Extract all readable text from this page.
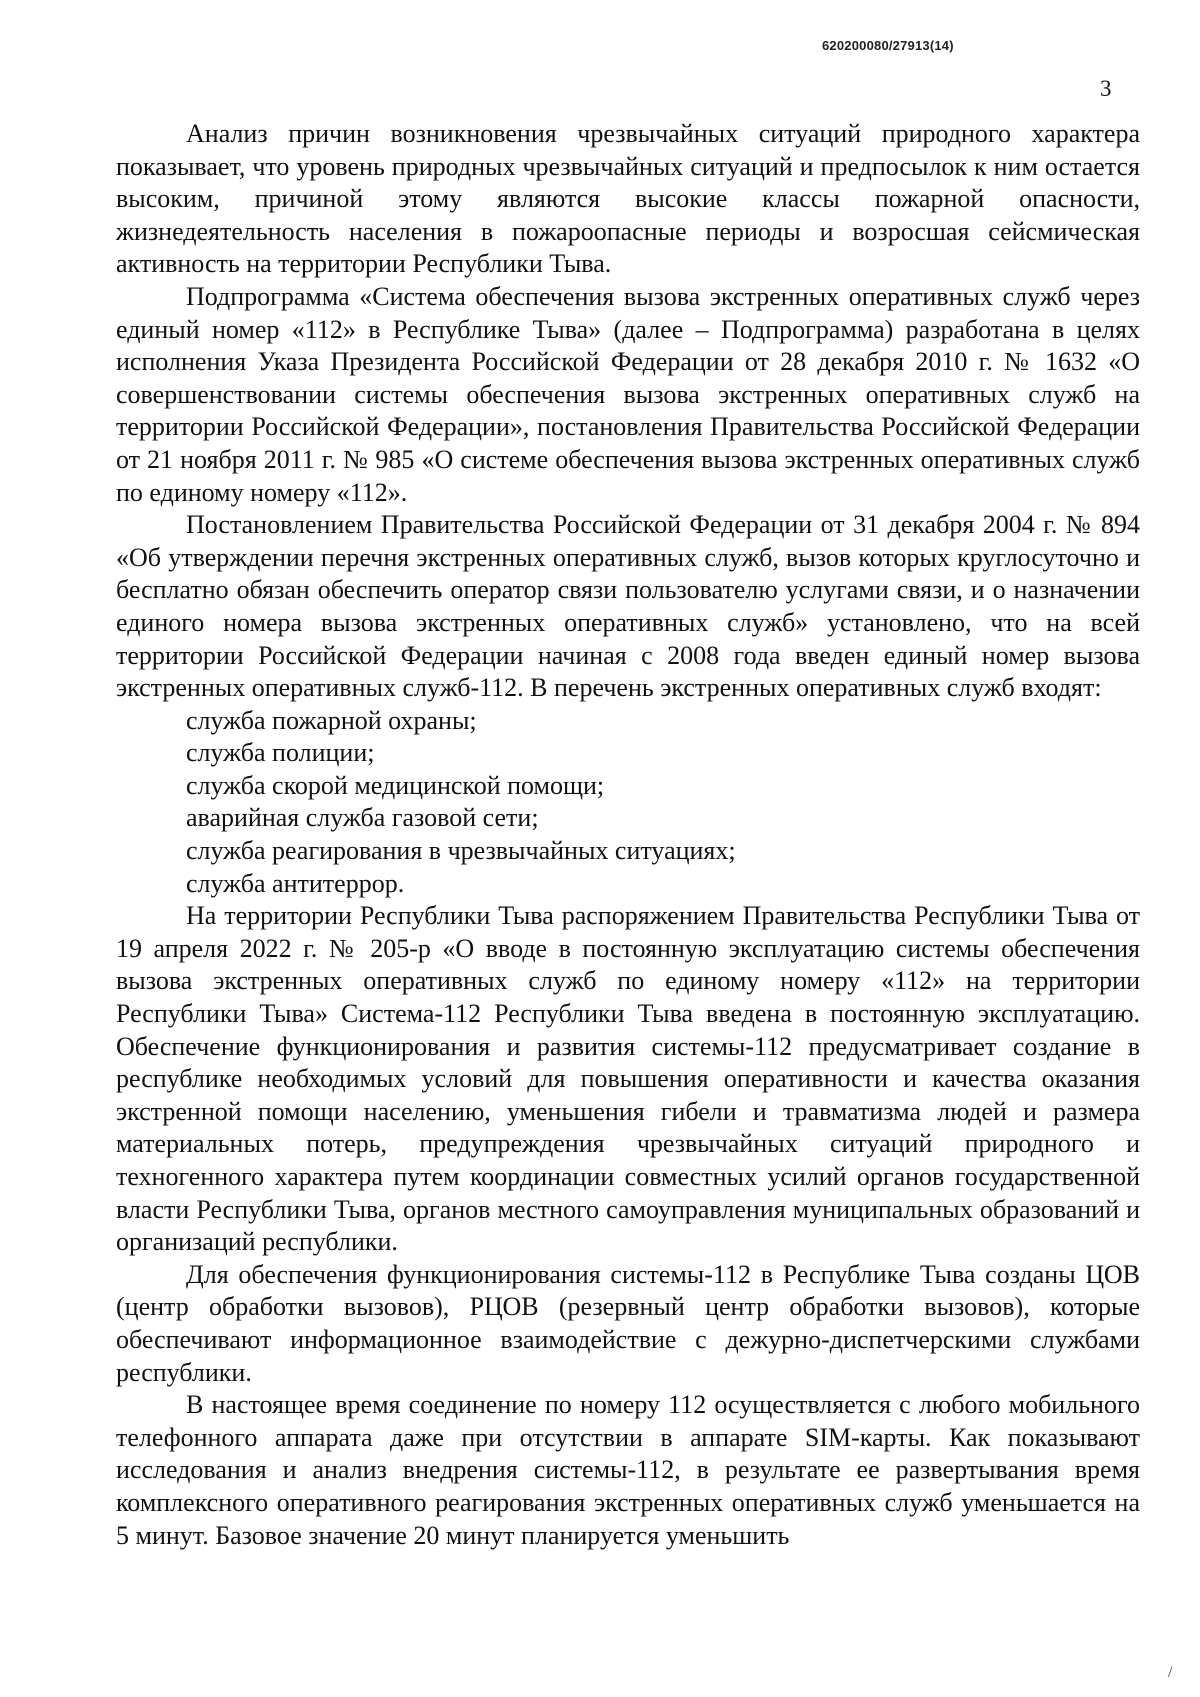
620200080/27913(14)
3

Анализ причин возникновения чрезвычайных ситуаций природного характера показывает, что уровень природных чрезвычайных ситуаций и предпосылок к ним остается высоким, причиной этому являются высокие классы пожарной опасности, жизнедеятельность населения в пожароопасные периоды и возросшая сейсмическая активность на территории Республики Тыва.

Подпрограмма «Система обеспечения вызова экстренных оперативных служб через единый номер «112» в Республике Тыва» (далее – Подпрограмма) разработана в целях исполнения Указа Президента Российской Федерации от 28 декабря 2010 г. № 1632 «О совершенствовании системы обеспечения вызова экстренных оперативных служб на территории Российской Федерации», постановления Правительства Российской Федерации от 21 ноября 2011 г. № 985 «О системе обеспечения вызова экстренных оперативных служб по единому номеру «112».

Постановлением Правительства Российской Федерации от 31 декабря 2004 г. № 894 «Об утверждении перечня экстренных оперативных служб, вызов которых круглосуточно и бесплатно обязан обеспечить оператор связи пользователю услугами связи, и о назначении единого номера вызова экстренных оперативных служб» установлено, что на всей территории Российской Федерации начиная с 2008 года введен единый номер вызова экстренных оперативных служб-112. В перечень экстренных оперативных служб входят:

служба пожарной охраны;

служба полиции;

служба скорой медицинской помощи;

аварийная служба газовой сети;

служба реагирования в чрезвычайных ситуациях;

служба антитеррор.

На территории Республики Тыва распоряжением Правительства Республики Тыва от 19 апреля 2022 г. № 205-р «О вводе в постоянную эксплуатацию системы обеспечения вызова экстренных оперативных служб по единому номеру «112» на территории Республики Тыва» Система-112 Республики Тыва введена в постоянную эксплуатацию. Обеспечение функционирования и развития системы-112 предусматривает создание в республике необходимых условий для повышения оперативности и качества оказания экстренной помощи населению, уменьшения гибели и травматизма людей и размера материальных потерь, предупреждения чрезвычайных ситуаций природного и техногенного характера путем координации совместных усилий органов государственной власти Республики Тыва, органов местного самоуправления муниципальных образований и организаций республики.

Для обеспечения функционирования системы-112 в Республике Тыва созданы ЦОВ (центр обработки вызовов), РЦОВ (резервный центр обработки вызовов), которые обеспечивают информационное взаимодействие с дежурно-диспетчерскими службами республики.

В настоящее время соединение по номеру 112 осуществляется с любого мобильного телефонного аппарата даже при отсутствии в аппарате SIM-карты. Как показывают исследования и анализ внедрения системы-112, в результате ее развертывания время комплексного оперативного реагирования экстренных оперативных служб уменьшается на 5 минут. Базовое значение 20 минут планируется уменьшить

/
